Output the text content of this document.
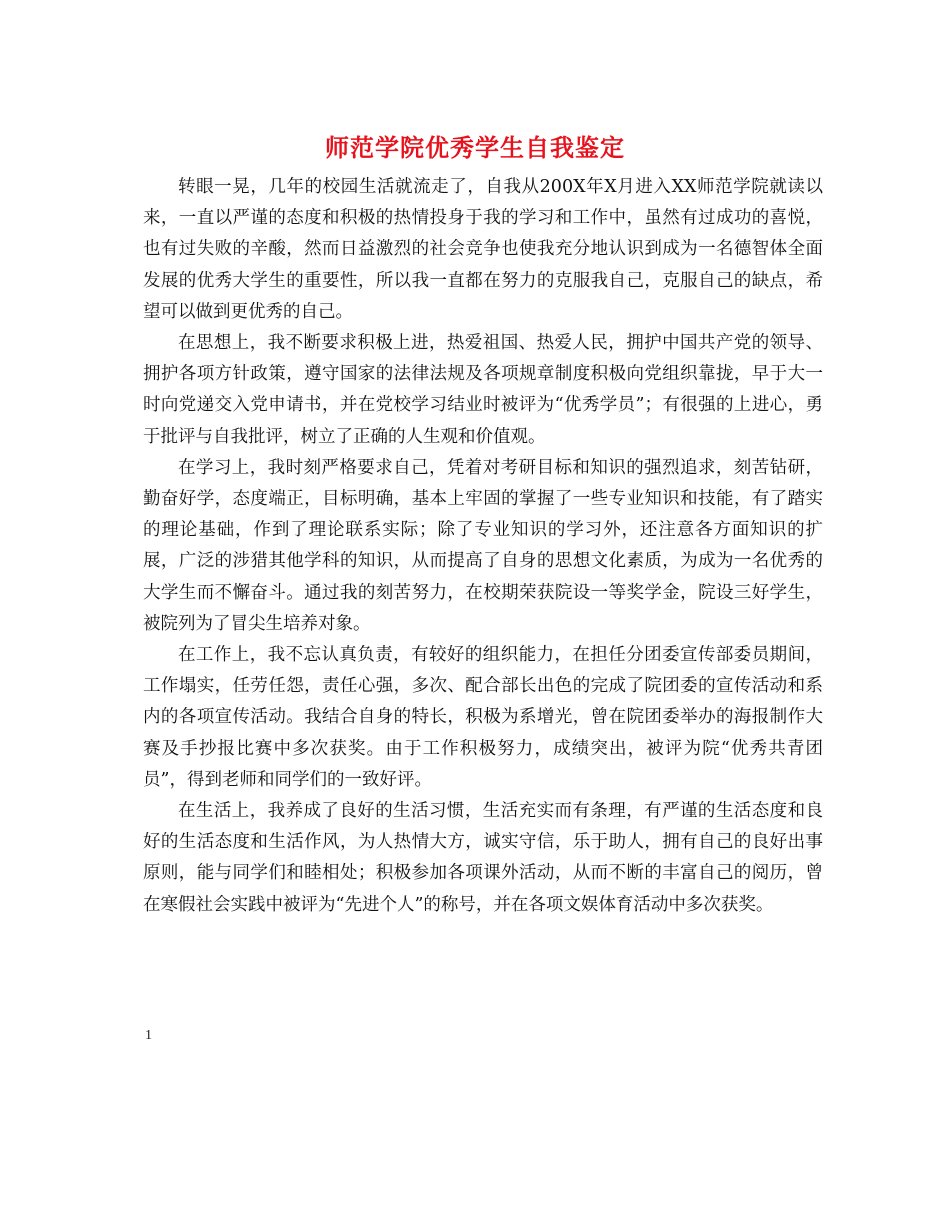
师范学院优秀学生自我鉴定

转眼一晃，几年的校园生活就流走了，自我从200X年X月进入XX师范学院就读以来，一直以严谨的态度和积极的热情投身于我的学习和工作中，虽然有过成功的喜悦，也有过失败的辛酸，然而日益激烈的社会竞争也使我充分地认识到成为一名德智体全面发展的优秀大学生的重要性，所以我一直都在努力的克服我自己，克服自己的缺点，希望可以做到更优秀的自己。

在思想上，我不断要求积极上进，热爱祖国、热爱人民，拥护中国共产党的领导、拥护各项方针政策，遵守国家的法律法规及各项规章制度积极向党组织靠拢，早于大一时向党递交入党申请书，并在党校学习结业时被评为“优秀学员”；有很强的上进心，勇于批评与自我批评，树立了正确的人生观和价值观。

在学习上，我时刻严格要求自己，凭着对考研目标和知识的强烈追求，刻苦钻研，勤奋好学，态度端正，目标明确，基本上牢固的掌握了一些专业知识和技能，有了踏实的理论基础，作到了理论联系实际；除了专业知识的学习外，还注意各方面知识的扩展，广泛的涉猎其他学科的知识，从而提高了自身的思想文化素质，为成为一名优秀的大学生而不懈奋斗。通过我的刻苦努力，在校期荣获院设一等奖学金，院设三好学生，被院列为了冒尖生培养对象。

在工作上，我不忘认真负责，有较好的组织能力，在担任分团委宣传部委员期间，工作塌实，任劳任怨，责任心强，多次、配合部长出色的完成了院团委的宣传活动和系内的各项宣传活动。我结合自身的特长，积极为系增光，曾在院团委举办的海报制作大赛及手抄报比赛中多次获奖。由于工作积极努力，成绩突出，被评为院“优秀共青团员”，得到老师和同学们的一致好评。

在生活上，我养成了良好的生活习惯，生活充实而有条理，有严谨的生活态度和良好的生活态度和生活作风，为人热情大方，诚实守信，乐于助人，拥有自己的良好出事原则，能与同学们和睦相处；积极参加各项课外活动，从而不断的丰富自己的阅历，曾在寒假社会实践中被评为“先进个人”的称号，并在各项文娱体育活动中多次获奖。

1
